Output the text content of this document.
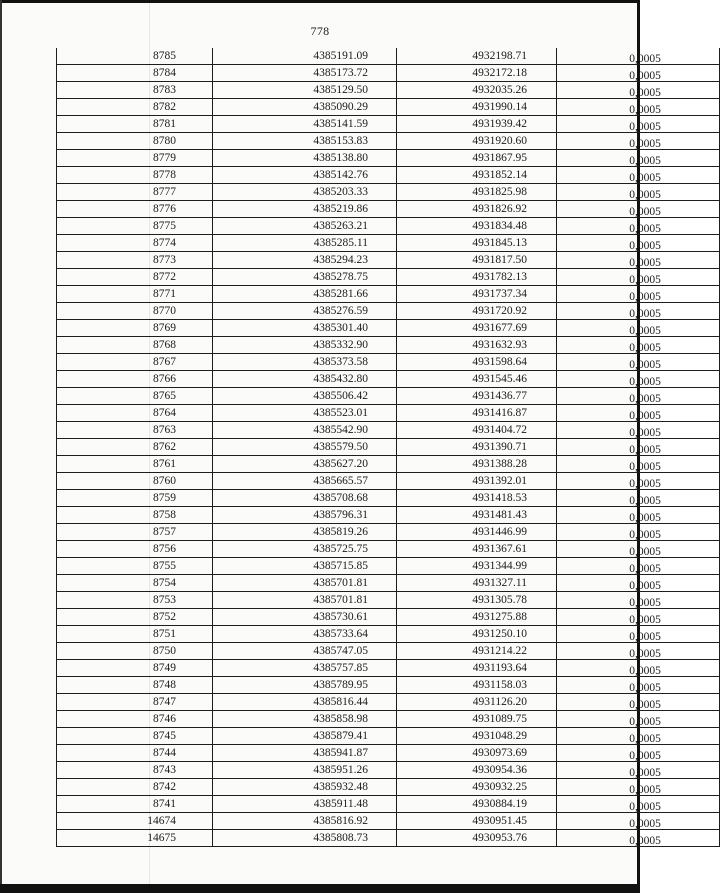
778
8785	4385191.09	4932198.71	0,0005
8784	4385173.72	4932172.18	0,0005
8783	4385129.50	4932035.26	0,0005
8782	4385090.29	4931990.14	0,0005
8781	4385141.59	4931939.42	0,0005
8780	4385153.83	4931920.60	0,0005
8779	4385138.80	4931867.95	0,0005
8778	4385142.76	4931852.14	0,0005
8777	4385203.33	4931825.98	0,0005
8776	4385219.86	4931826.92	0,0005
8775	4385263.21	4931834.48	0,0005
8774	4385285.11	4931845.13	0,0005
8773	4385294.23	4931817.50	0,0005
8772	4385278.75	4931782.13	0,0005
8771	4385281.66	4931737.34	0,0005
8770	4385276.59	4931720.92	0,0005
8769	4385301.40	4931677.69	0,0005
8768	4385332.90	4931632.93	0,0005
8767	4385373.58	4931598.64	0,0005
8766	4385432.80	4931545.46	0,0005
8765	4385506.42	4931436.77	0,0005
8764	4385523.01	4931416.87	0,0005
8763	4385542.90	4931404.72	0,0005
8762	4385579.50	4931390.71	0,0005
8761	4385627.20	4931388.28	0,0005
8760	4385665.57	4931392.01	0,0005
8759	4385708.68	4931418.53	0,0005
8758	4385796.31	4931481.43	0,0005
8757	4385819.26	4931446.99	0,0005
8756	4385725.75	4931367.61	0,0005
8755	4385715.85	4931344.99	0,0005
8754	4385701.81	4931327.11	0,0005
8753	4385701.81	4931305.78	0,0005
8752	4385730.61	4931275.88	0,0005
8751	4385733.64	4931250.10	0,0005
8750	4385747.05	4931214.22	0,0005
8749	4385757.85	4931193.64	0,0005
8748	4385789.95	4931158.03	0,0005
8747	4385816.44	4931126.20	0,0005
8746	4385858.98	4931089.75	0,0005
8745	4385879.41	4931048.29	0,0005
8744	4385941.87	4930973.69	0,0005
8743	4385951.26	4930954.36	0,0005
8742	4385932.48	4930932.25	0,0005
8741	4385911.48	4930884.19	0,0005
14674	4385816.92	4930951.45	0,0005
14675	4385808.73	4930953.76	0,0005
